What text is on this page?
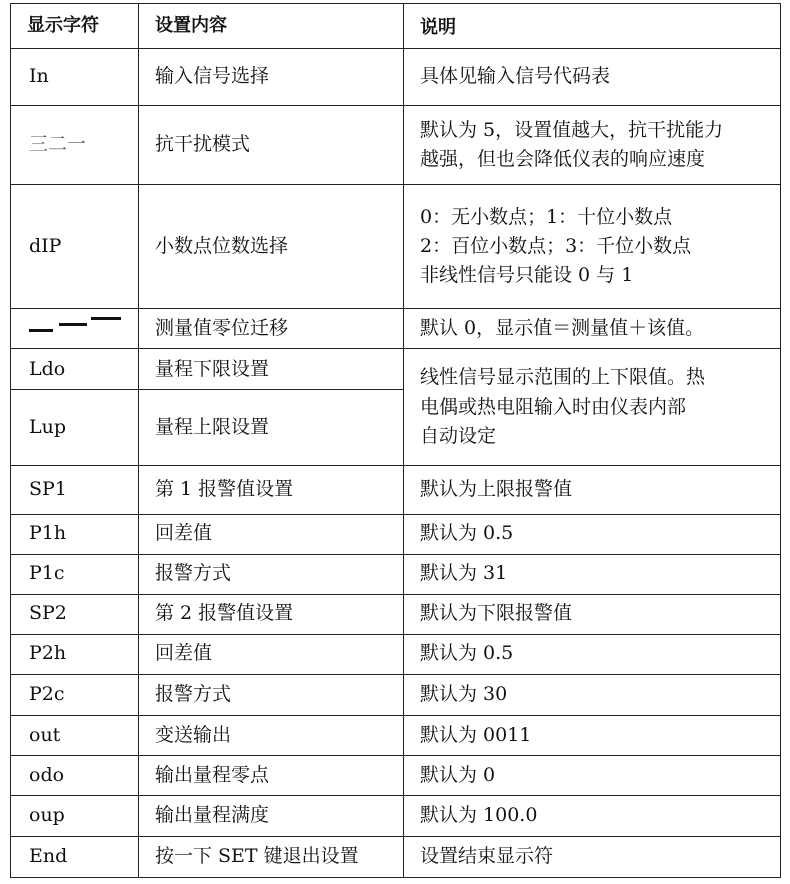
显示字符	设置内容	说明
In	输入信号选择	具体见输入信号代码表
三二一	抗干扰模式	默认为 5，设置值越大，抗干扰能力
越强，但也会降低仪表的响应速度
dIP	小数点位数选择	0：无小数点；1：十位小数点
2：百位小数点；3：千位小数点
非线性信号只能设 0 与 1
	测量值零位迁移	默认 0，显示值＝测量值＋该值。
Ldo	量程下限设置	线性信号显示范围的上下限值。热
电偶或热电阻输入时由仪表内部
自动设定
Lup	量程上限设置	
SP1	第 1 报警值设置	默认为上限报警值
P1h	回差值	默认为 0.5
P1c	报警方式	默认为 31
SP2	第 2 报警值设置	默认为下限报警值
P2h	回差值	默认为 0.5
P2c	报警方式	默认为 30
out	变送输出	默认为 0011
odo	输出量程零点	默认为 0
oup	输出量程满度	默认为 100.0
End	按一下 SET 键退出设置	设置结束显示符
